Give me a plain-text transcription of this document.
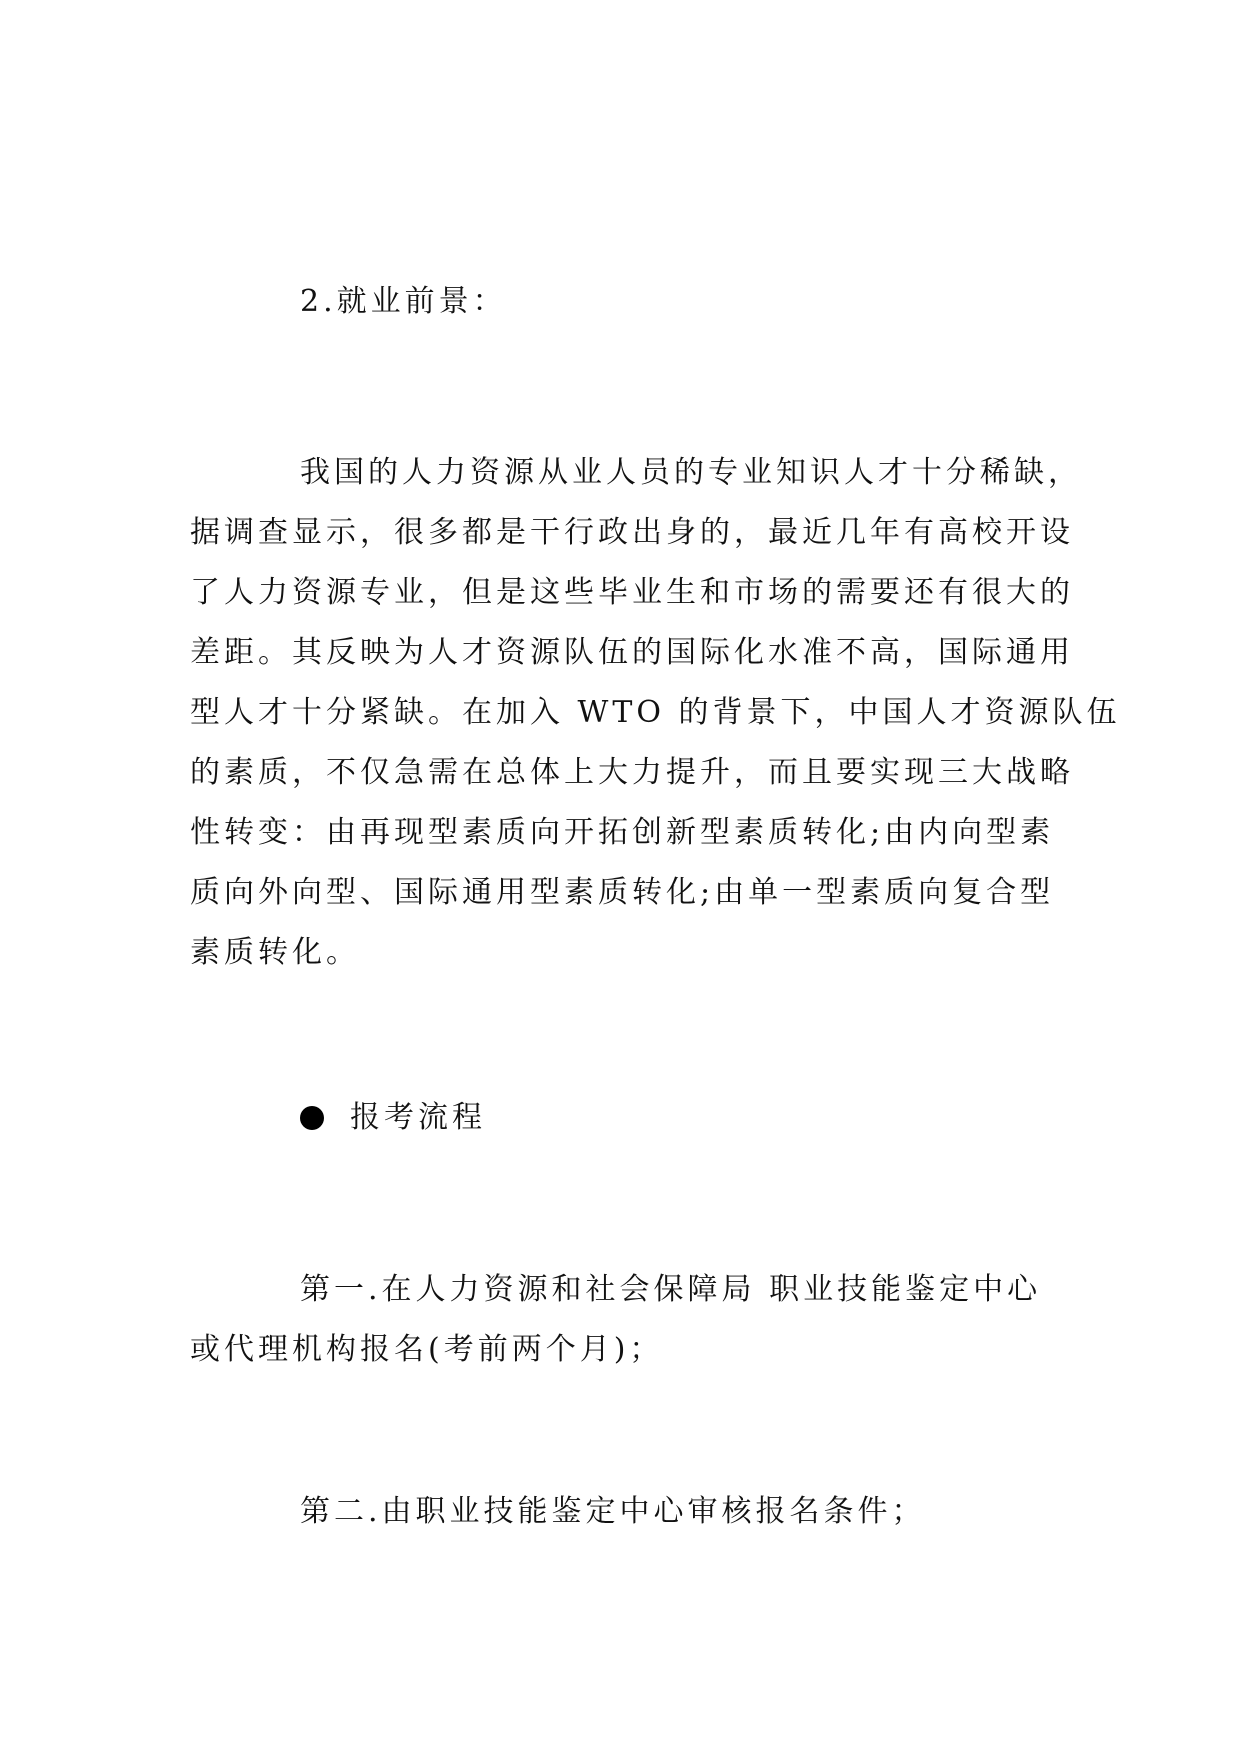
2.就业前景：
我国的人力资源从业人员的专业知识人才十分稀缺，
据调查显示，很多都是干行政出身的，最近几年有高校开设
了人力资源专业，但是这些毕业生和市场的需要还有很大的
差距。其反映为人才资源队伍的国际化水准不高，国际通用
型人才十分紧缺。在加入 WTO 的背景下，中国人才资源队伍
的素质，不仅急需在总体上大力提升，而且要实现三大战略
性转变：由再现型素质向开拓创新型素质转化;由内向型素
质向外向型、国际通用型素质转化;由单一型素质向复合型
素质转化。
报考流程
第一.在人力资源和社会保障局 职业技能鉴定中心
或代理机构报名(考前两个月)；
第二.由职业技能鉴定中心审核报名条件；
